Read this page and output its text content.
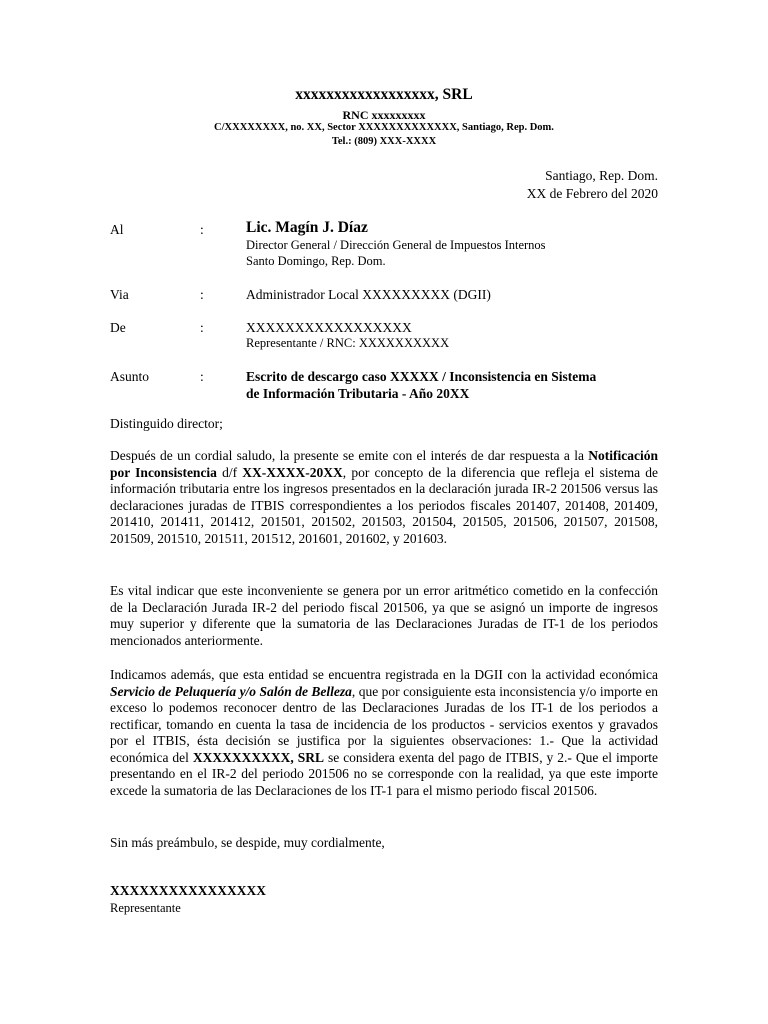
xxxxxxxxxxxxxxxxxx, SRL
RNC xxxxxxxxx
C/XXXXXXXX, no. XX, Sector XXXXXXXXXXXXX, Santiago, Rep. Dom.
Tel.: (809) XXX-XXXX
Santiago, Rep. Dom.
XX de Febrero del 2020
Al	:	Lic. Magín J. Díaz
Director General / Dirección General de Impuestos Internos
Santo Domingo, Rep. Dom.
Via	:	Administrador Local XXXXXXXXX (DGII)
De	:	XXXXXXXXXXXXXXXXX
Representante / RNC: XXXXXXXXXX
Asunto	:	Escrito de descargo caso XXXXX / Inconsistencia en Sistema
de Información Tributaria - Año 20XX
Distinguido director;
Después de un cordial saludo, la presente se emite con el interés de dar respuesta a la Notificación por Inconsistencia d/f XX-XXXX-20XX, por concepto de la diferencia que refleja el sistema de información tributaria entre los ingresos presentados en la declaración jurada IR-2 201506 versus las declaraciones juradas de ITBIS correspondientes a los periodos fiscales 201407, 201408, 201409, 201410, 201411, 201412, 201501, 201502, 201503, 201504, 201505, 201506, 201507, 201508, 201509, 201510, 201511, 201512, 201601, 201602, y 201603.
Es vital indicar que este inconveniente se genera por un error aritmético cometido en la confección de la Declaración Jurada IR-2 del periodo fiscal 201506, ya que se asignó un importe de ingresos muy superior y diferente que la sumatoria de las Declaraciones Juradas de IT-1 de los periodos mencionados anteriormente.
Indicamos además, que esta entidad se encuentra registrada en la DGII con la actividad económica Servicio de Peluquería y/o Salón de Belleza, que por consiguiente esta inconsistencia y/o importe en exceso lo podemos reconocer dentro de las Declaraciones Juradas de los IT-1 de los periodos a rectificar, tomando en cuenta la tasa de incidencia de los productos - servicios exentos y gravados por el ITBIS, ésta decisión se justifica por la siguientes observaciones: 1.- Que la actividad económica del XXXXXXXXXX, SRL se considera exenta del pago de ITBIS, y 2.- Que el importe presentando en el IR-2 del periodo 201506 no se corresponde con la realidad, ya que este importe excede la sumatoria de las Declaraciones de los IT-1 para el mismo periodo fiscal 201506.
Sin más preámbulo, se despide, muy cordialmente,
XXXXXXXXXXXXXXXX
Representante
